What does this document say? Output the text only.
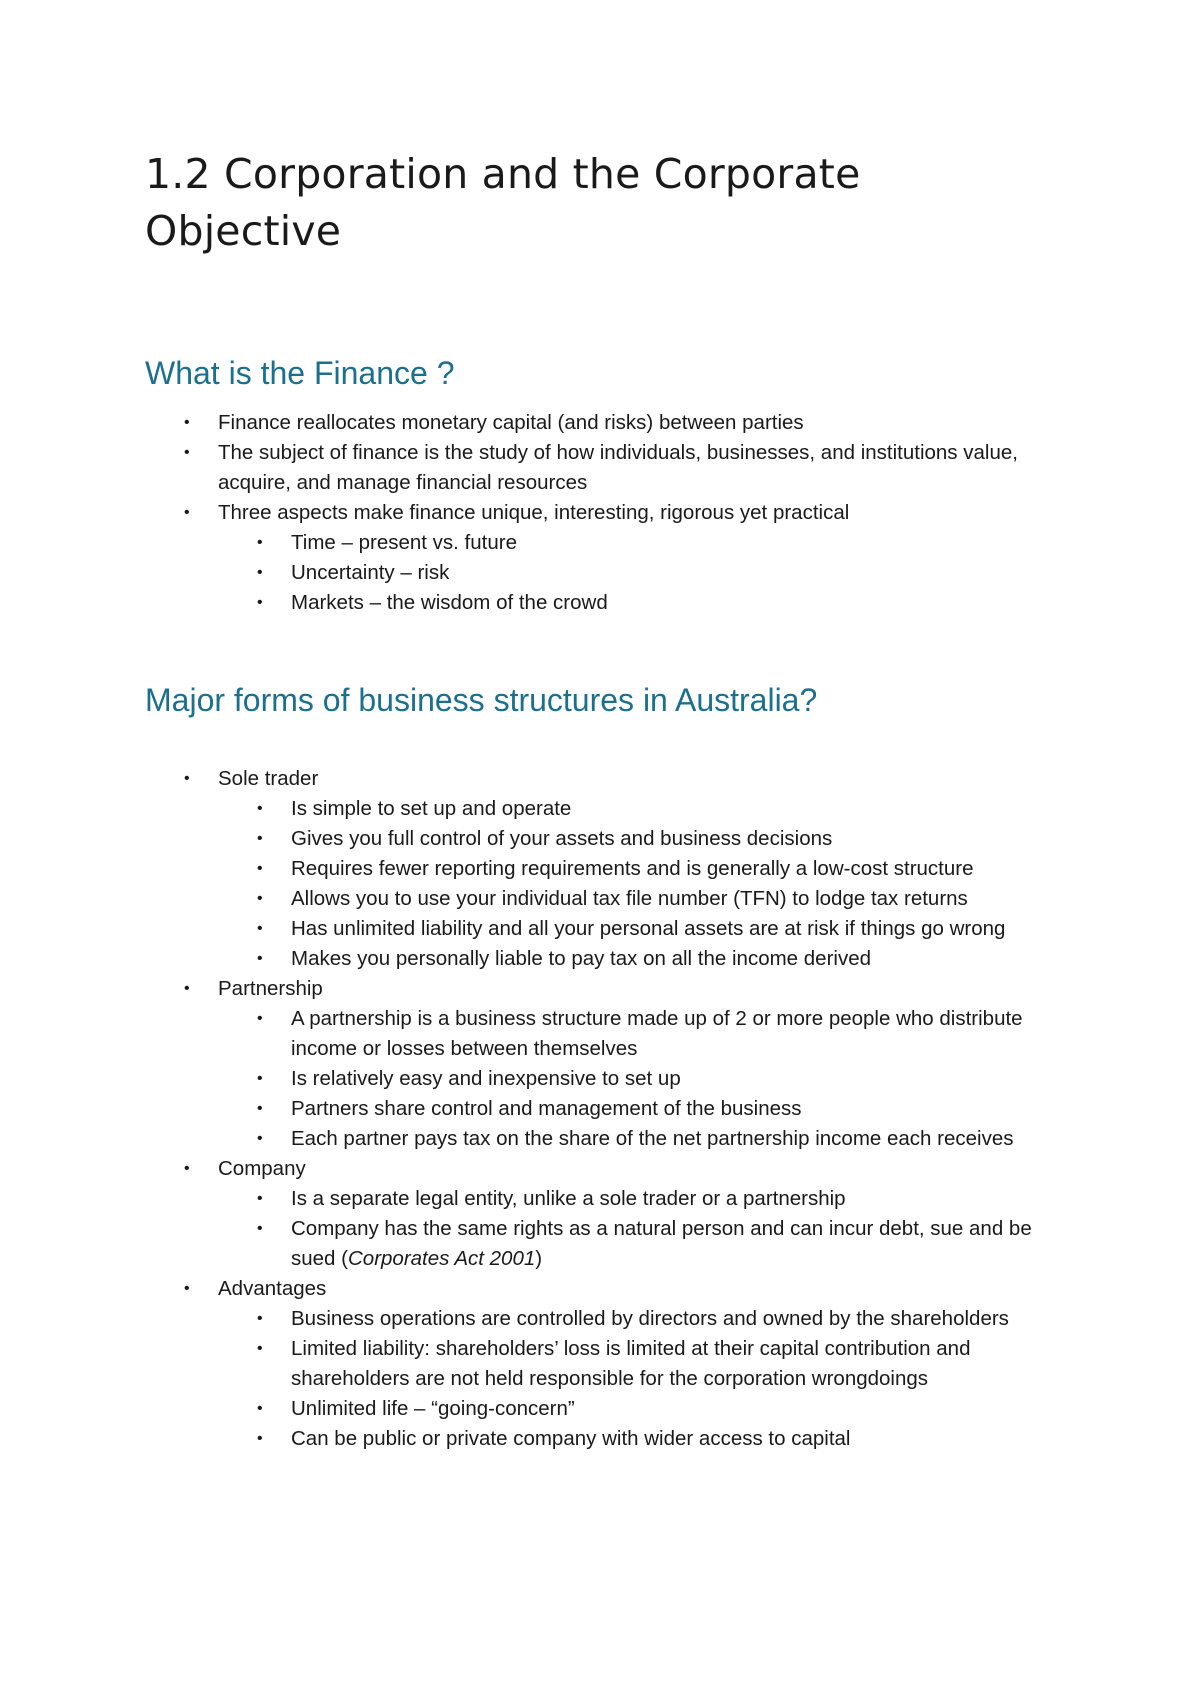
1.2 Corporation and the Corporate Objective
What is the Finance ?
• Finance reallocates monetary capital (and risks) between parties
• The subject of finance is the study of how individuals, businesses, and institutions value, acquire, and manage financial resources
• Three aspects make finance unique, interesting, rigorous yet practical
• Time – present vs. future
• Uncertainty – risk
• Markets – the wisdom of the crowd
Major forms of business structures in Australia?
• Sole trader
• Is simple to set up and operate
• Gives you full control of your assets and business decisions
• Requires fewer reporting requirements and is generally a low-cost structure
• Allows you to use your individual tax file number (TFN) to lodge tax returns
• Has unlimited liability and all your personal assets are at risk if things go wrong
• Makes you personally liable to pay tax on all the income derived
• Partnership
• A partnership is a business structure made up of 2 or more people who distribute income or losses between themselves
• Is relatively easy and inexpensive to set up
• Partners share control and management of the business
• Each partner pays tax on the share of the net partnership income each receives
• Company
• Is a separate legal entity, unlike a sole trader or a partnership
• Company has the same rights as a natural person and can incur debt, sue and be sued (Corporates Act 2001)
• Advantages
• Business operations are controlled by directors and owned by the shareholders
• Limited liability: shareholders’ loss is limited at their capital contribution and shareholders are not held responsible for the corporation wrongdoings
• Unlimited life – “going-concern”
• Can be public or private company with wider access to capital
